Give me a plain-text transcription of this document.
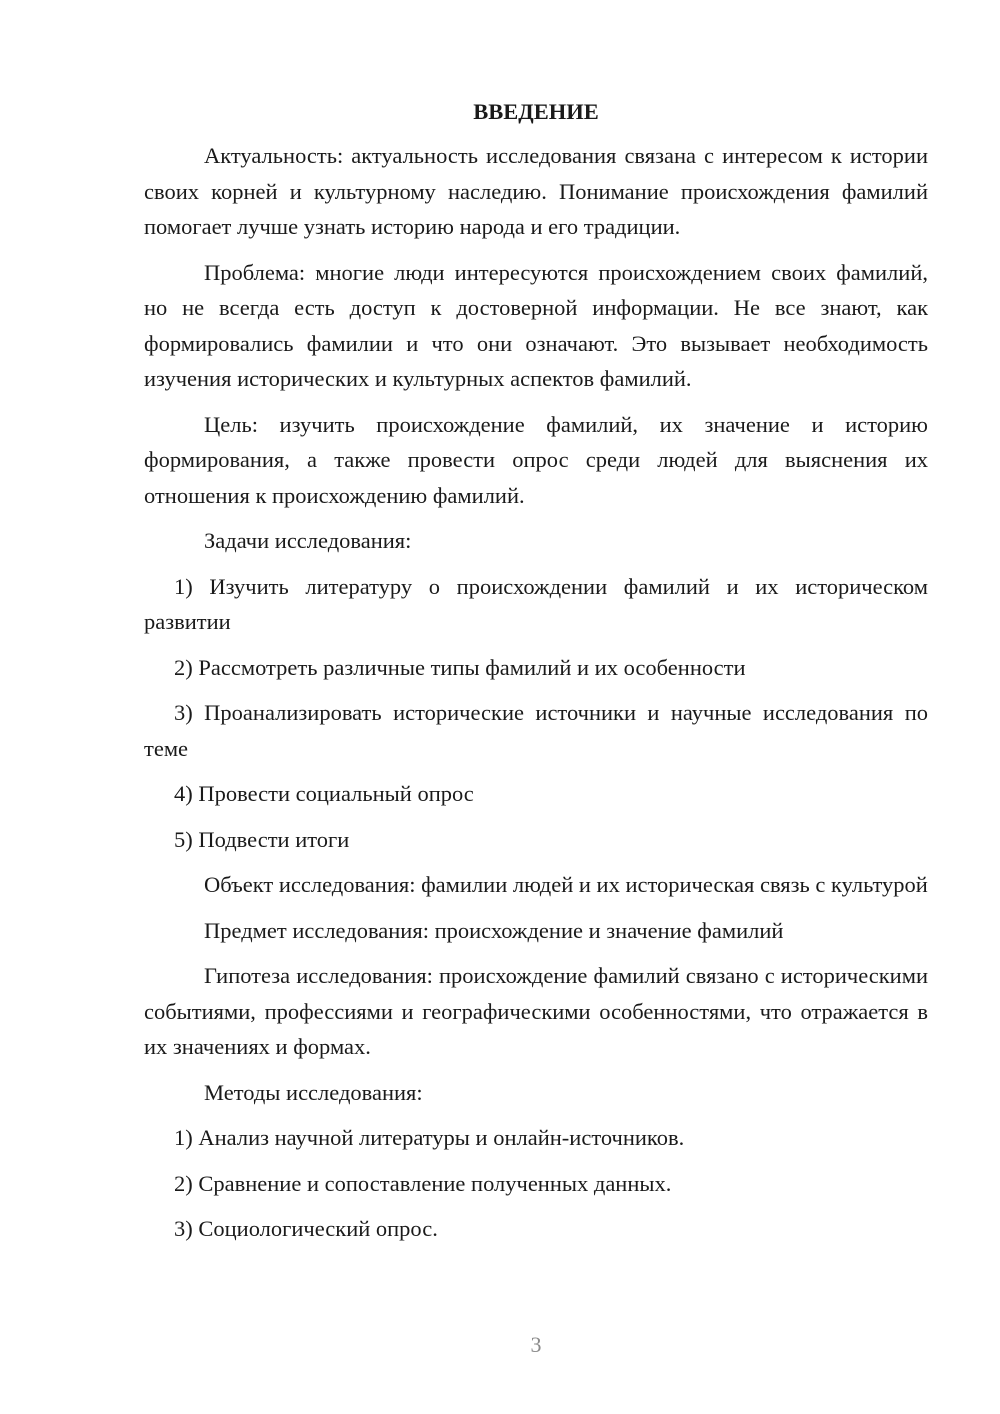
ВВЕДЕНИЕ

Актуальность: актуальность исследования связана с интересом к истории своих корней и культурному наследию. Понимание происхождения фамилий помогает лучше узнать историю народа и его традиции.

Проблема: многие люди интересуются происхождением своих фамилий, но не всегда есть доступ к достоверной информации. Не все знают, как формировались фамилии и что они означают. Это вызывает необходимость изучения исторических и культурных аспектов фамилий.

Цель: изучить происхождение фамилий, их значение и историю формирования, а также провести опрос среди людей для выяснения их отношения к происхождению фамилий.

Задачи исследования:

1) Изучить литературу о происхождении фамилий и их историческом развитии

2) Рассмотреть различные типы фамилий и их особенности

3) Проанализировать исторические источники и научные исследования по теме

4) Провести социальный опрос

5) Подвести итоги

Объект исследования: фамилии людей и их историческая связь с культурой

Предмет исследования: происхождение и значение фамилий

Гипотеза исследования: происхождение фамилий связано с историческими событиями, профессиями и географическими особенностями, что отражается в их значениях и формах.

Методы исследования:

1) Анализ научной литературы и онлайн-источников.

2) Сравнение и сопоставление полученных данных.

3) Социологический опрос.

3
